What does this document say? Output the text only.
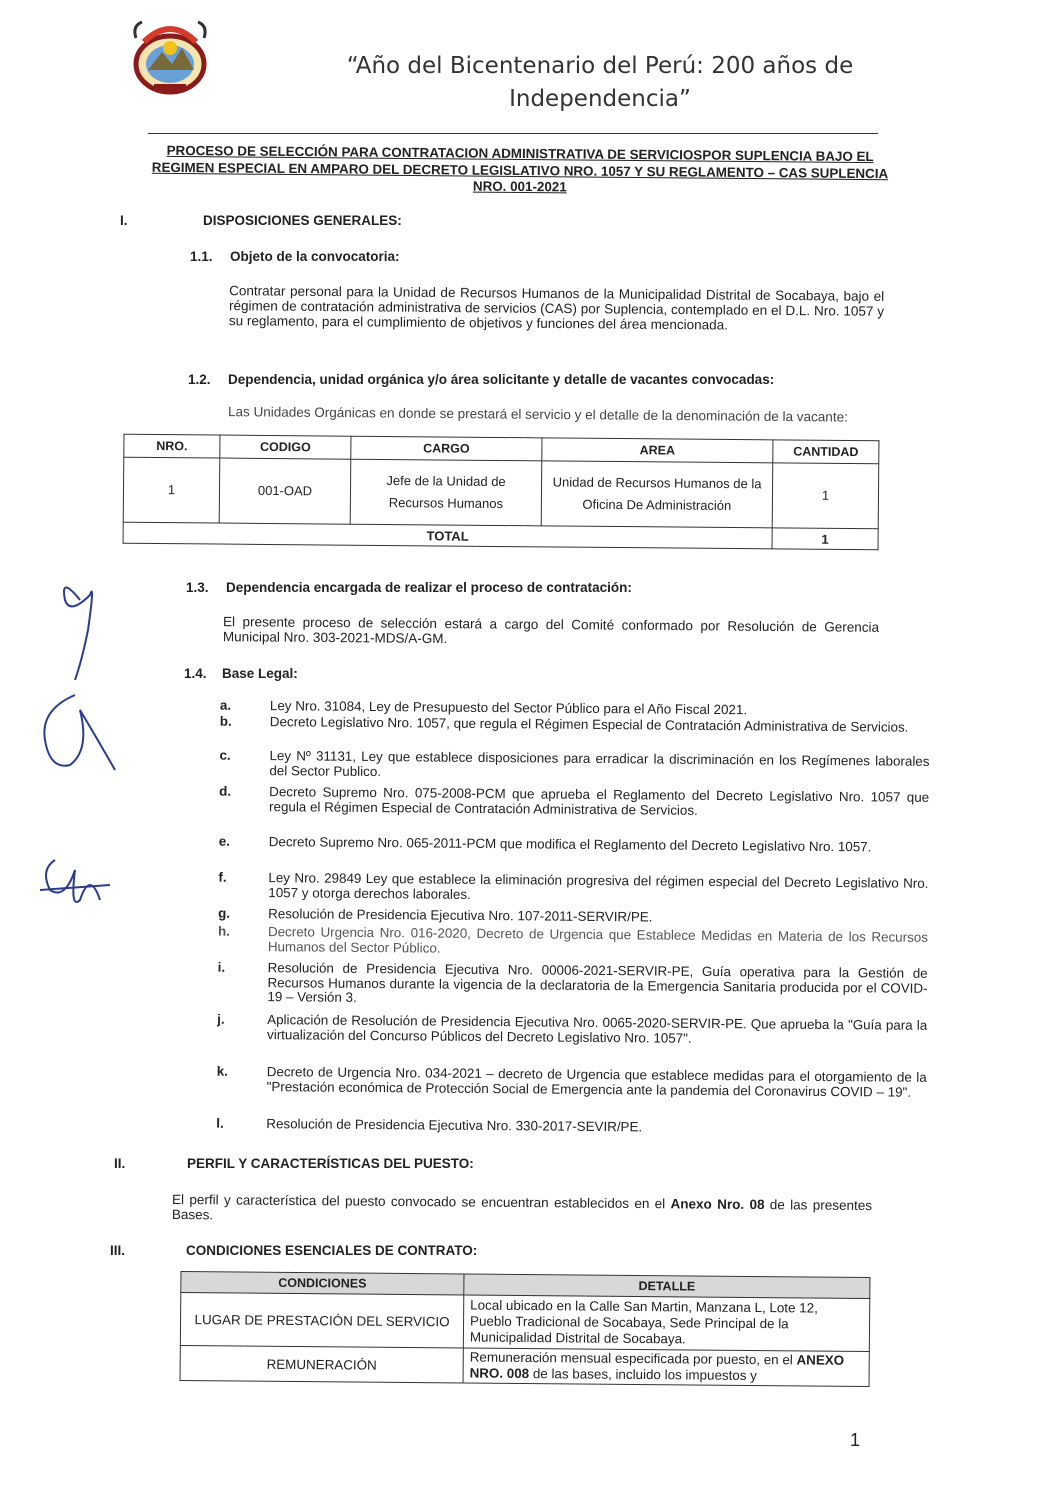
“Año del Bicentenario del Perú: 200 años de Independencia”
PROCESO DE SELECCIÓN PARA CONTRATACION ADMINISTRATIVA DE SERVICIOSPOR SUPLENCIA BAJO EL REGIMEN ESPECIAL EN AMPARO DEL DECRETO LEGISLATIVO NRO. 1057 Y SU REGLAMENTO – CAS SUPLENCIA NRO. 001-2021
I.	DISPOSICIONES GENERALES:
1.1. Objeto de la convocatoria:
Contratar personal para la Unidad de Recursos Humanos de la Municipalidad Distrital de Socabaya, bajo el régimen de contratación administrativa de servicios (CAS) por Suplencia, contemplado en el D.L. Nro. 1057 y su reglamento, para el cumplimiento de objetivos y funciones del área mencionada.
1.2. Dependencia, unidad orgánica y/o área solicitante y detalle de vacantes convocadas:
Las Unidades Orgánicas en donde se prestará el servicio y el detalle de la denominación de la vacante:
NRO.	CODIGO	CARGO	AREA	CANTIDAD
1	001-OAD	Jefe de la Unidad de Recursos Humanos	Unidad de Recursos Humanos de la Oficina De Administración	1
TOTAL				1
1.3. Dependencia encargada de realizar el proceso de contratación:
El presente proceso de selección estará a cargo del Comité conformado por Resolución de Gerencia Municipal Nro. 303-2021-MDS/A-GM.
1.4. Base Legal:
a.	Ley Nro. 31084, Ley de Presupuesto del Sector Público para el Año Fiscal 2021.
b.	Decreto Legislativo Nro. 1057, que regula el Régimen Especial de Contratación Administrativa de Servicios.
c.	Ley Nº 31131, Ley que establece disposiciones para erradicar la discriminación en los Regímenes laborales del Sector Publico.
d.	Decreto Supremo Nro. 075-2008-PCM que aprueba el Reglamento del Decreto Legislativo Nro. 1057 que regula el Régimen Especial de Contratación Administrativa de Servicios.
e.	Decreto Supremo Nro. 065-2011-PCM que modifica el Reglamento del Decreto Legislativo Nro. 1057.
f.	Ley Nro. 29849 Ley que establece la eliminación progresiva del régimen especial del Decreto Legislativo Nro. 1057 y otorga derechos laborales.
g.	Resolución de Presidencia Ejecutiva Nro. 107-2011-SERVIR/PE.
h.	Decreto Urgencia Nro. 016-2020, Decreto de Urgencia que Establece Medidas en Materia de los Recursos Humanos del Sector Público.
i.	Resolución de Presidencia Ejecutiva Nro. 00006-2021-SERVIR-PE, Guía operativa para la Gestión de Recursos Humanos durante la vigencia de la declaratoria de la Emergencia Sanitaria producida por el COVID-19 – Versión 3.
j.	Aplicación de Resolución de Presidencia Ejecutiva Nro. 0065-2020-SERVIR-PE. Que aprueba la "Guía para la virtualización del Concurso Públicos del Decreto Legislativo Nro. 1057".
k.	Decreto de Urgencia Nro. 034-2021 – decreto de Urgencia que establece medidas para el otorgamiento de la "Prestación económica de Protección Social de Emergencia ante la pandemia del Coronavirus COVID – 19".
l.	Resolución de Presidencia Ejecutiva Nro. 330-2017-SEVIR/PE.
II.	PERFIL Y CARACTERÍSTICAS DEL PUESTO:
El perfil y característica del puesto convocado se encuentran establecidos en el Anexo Nro. 08 de las presentes Bases.
III.	CONDICIONES ESENCIALES DE CONTRATO:
CONDICIONES	DETALLE
LUGAR DE PRESTACIÓN DEL SERVICIO	Local ubicado en la Calle San Martin, Manzana L, Lote 12, Pueblo Tradicional de Socabaya, Sede Principal de la Municipalidad Distrital de Socabaya.
REMUNERACIÓN	Remuneración mensual especificada por puesto, en el ANEXO NRO. 008 de las bases, incluido los impuestos y
1
